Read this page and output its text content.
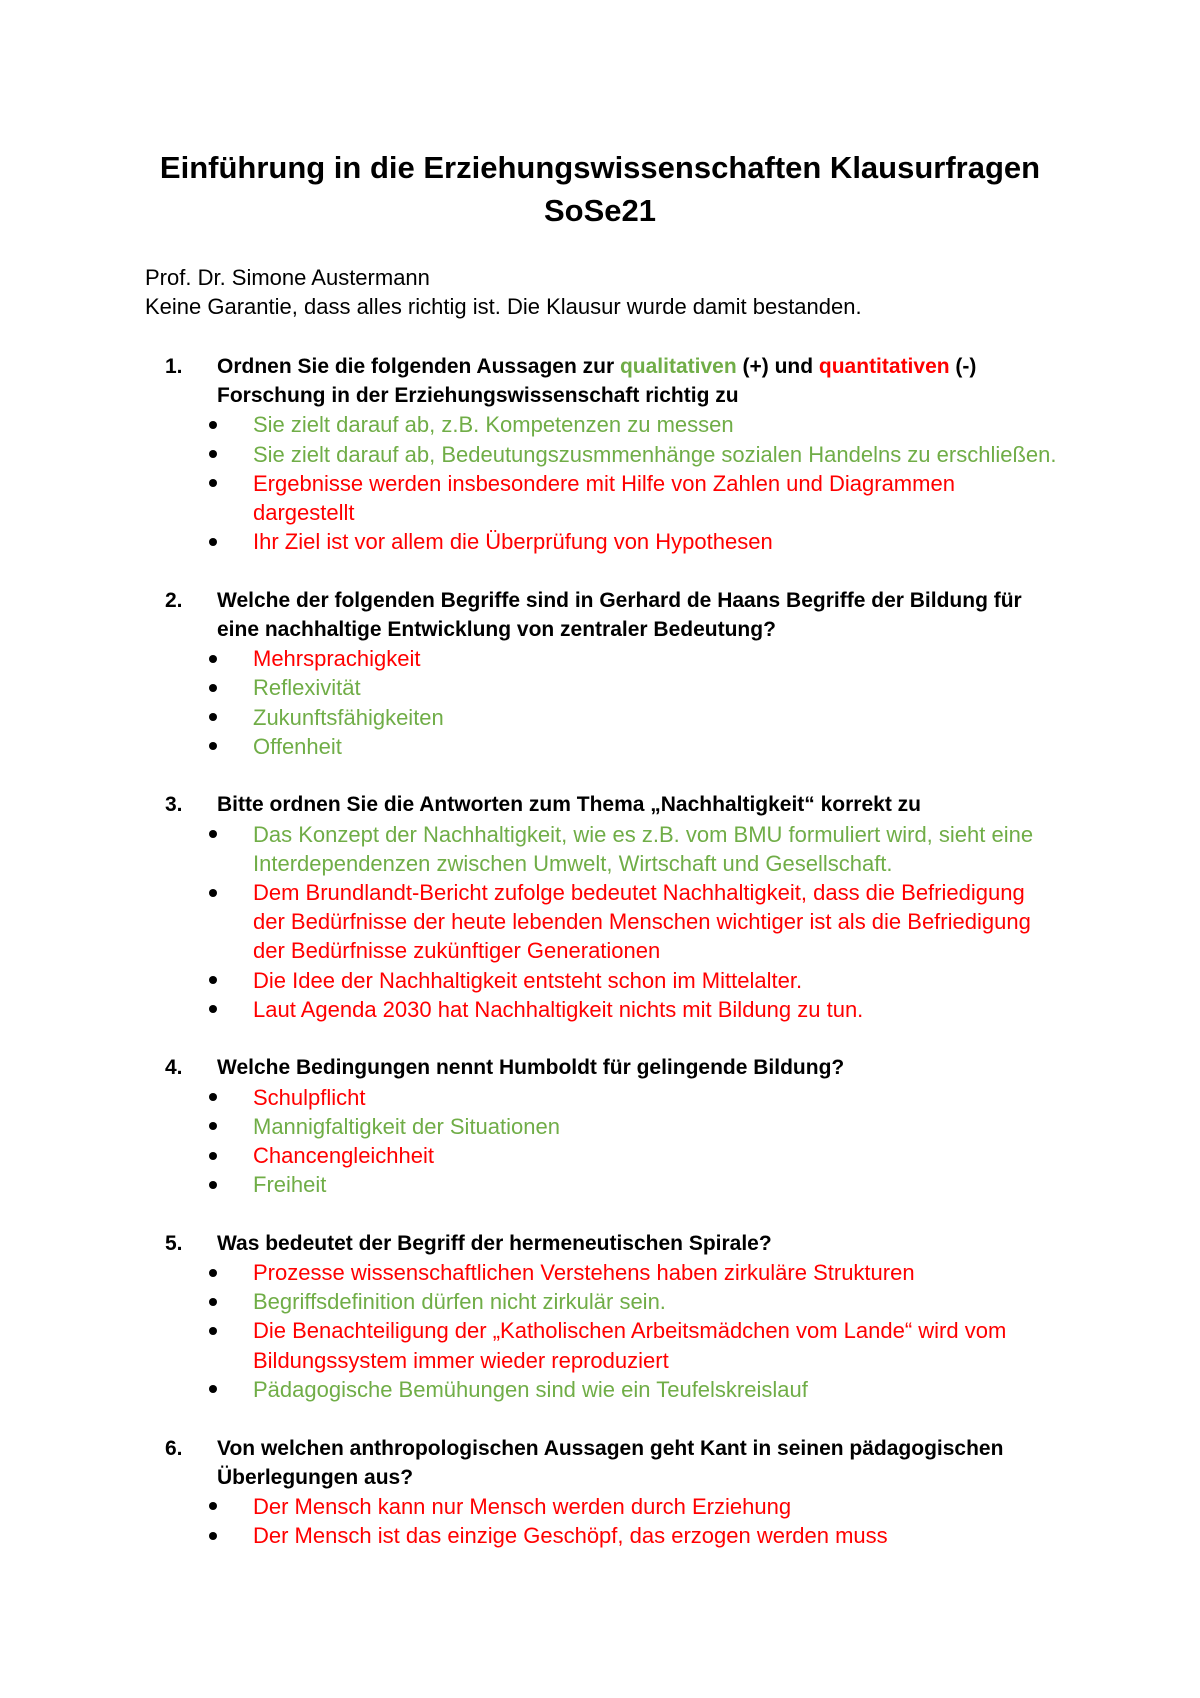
Einführung in die Erziehungswissenschaften Klausurfragen
SoSe21
Prof. Dr. Simone Austermann
Keine Garantie, dass alles richtig ist. Die Klausur wurde damit bestanden.
1. Ordnen Sie die folgenden Aussagen zur qualitativen (+) und quantitativen (-)
Forschung in der Erziehungswissenschaft richtig zu
Sie zielt darauf ab, z.B. Kompetenzen zu messen
Sie zielt darauf ab, Bedeutungszusmmenhänge sozialen Handelns zu erschließen.
Ergebnisse werden insbesondere mit Hilfe von Zahlen und Diagrammen
dargestellt
Ihr Ziel ist vor allem die Überprüfung von Hypothesen
2. Welche der folgenden Begriffe sind in Gerhard de Haans Begriffe der Bildung für
eine nachhaltige Entwicklung von zentraler Bedeutung?
Mehrsprachigkeit
Reflexivität
Zukunftsfähigkeiten
Offenheit
3. Bitte ordnen Sie die Antworten zum Thema „Nachhaltigkeit“ korrekt zu
Das Konzept der Nachhaltigkeit, wie es z.B. vom BMU formuliert wird, sieht eine
Interdependenzen zwischen Umwelt, Wirtschaft und Gesellschaft.
Dem Brundlandt-Bericht zufolge bedeutet Nachhaltigkeit, dass die Befriedigung
der Bedürfnisse der heute lebenden Menschen wichtiger ist als die Befriedigung
der Bedürfnisse zukünftiger Generationen
Die Idee der Nachhaltigkeit entsteht schon im Mittelalter.
Laut Agenda 2030 hat Nachhaltigkeit nichts mit Bildung zu tun.
4. Welche Bedingungen nennt Humboldt für gelingende Bildung?
Schulpflicht
Mannigfaltigkeit der Situationen
Chancengleichheit
Freiheit
5. Was bedeutet der Begriff der hermeneutischen Spirale?
Prozesse wissenschaftlichen Verstehens haben zirkuläre Strukturen
Begriffsdefinition dürfen nicht zirkulär sein.
Die Benachteiligung der „Katholischen Arbeitsmädchen vom Lande“ wird vom
Bildungssystem immer wieder reproduziert
Pädagogische Bemühungen sind wie ein Teufelskreislauf
6. Von welchen anthropologischen Aussagen geht Kant in seinen pädagogischen
Überlegungen aus?
Der Mensch kann nur Mensch werden durch Erziehung
Der Mensch ist das einzige Geschöpf, das erzogen werden muss
